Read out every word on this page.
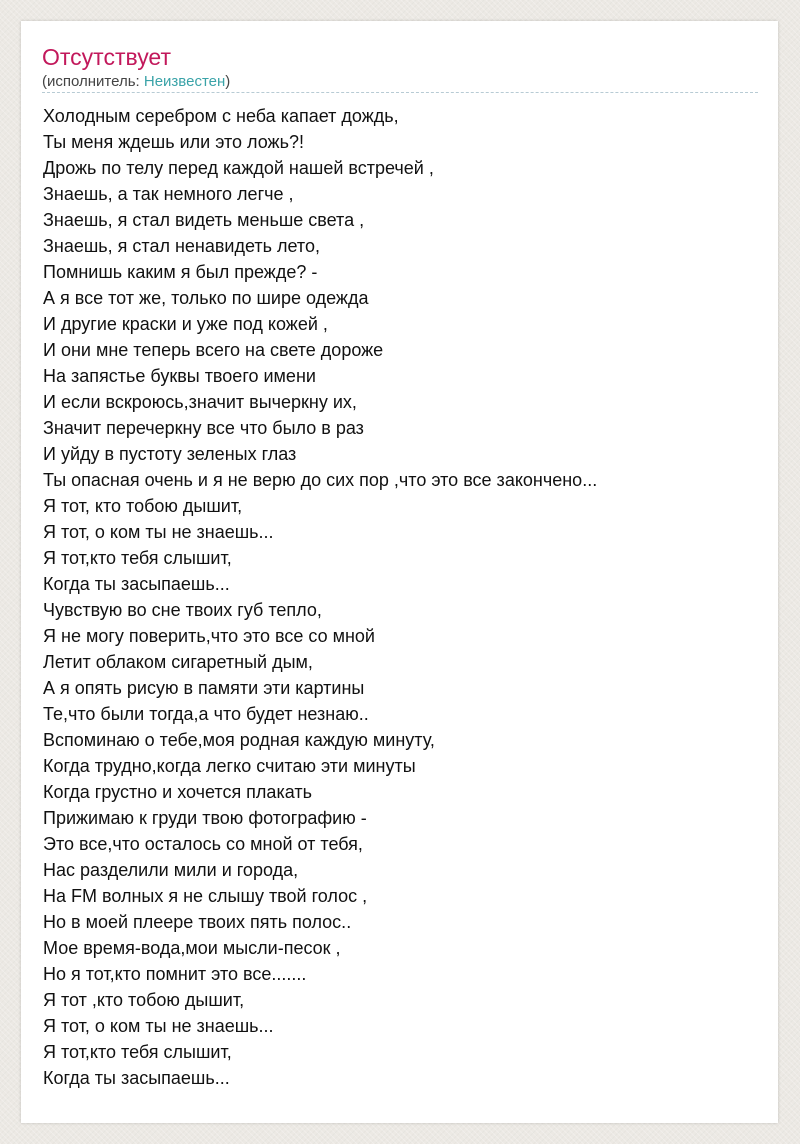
Отсутствует
(исполнитель: Неизвестен)
Холодным серебром с неба капает дождь,
Ты меня ждешь или это ложь?!
Дрожь по телу перед каждой нашей встречей ,
Знаешь, а так немного легче ,
Знаешь, я стал видеть меньше света ,
Знаешь, я стал ненавидеть лето,
Помнишь каким я был прежде? -
А я все тот же, только по шире одежда
И другие краски и уже под кожей ,
И они мне теперь всего на свете дороже
На запястье буквы твоего имени
И если вскроюсь,значит вычеркну их,
Значит перечеркну все что было в раз
И уйду в пустоту зеленых глаз
Ты опасная очень и я не верю до сих пор ,что это все закончено...
Я тот, кто тобою дышит,
Я тот, о ком ты не знаешь...
Я тот,кто тебя слышит,
Когда ты засыпаешь...
Чувствую во сне твоих губ тепло,
Я не могу поверить,что это все со мной
Летит облаком сигаретный дым,
А я опять рисую в памяти эти картины
Те,что были тогда,а что будет незнаю..
Вспоминаю о тебе,моя родная каждую минуту,
Когда трудно,когда легко считаю эти минуты
Когда грустно и хочется плакать
Прижимаю к груди твою фотографию -
Это все,что осталось со мной от тебя,
Нас разделили мили и города,
На FM волных я не слышу твой голос ,
Но в моей плеере твоих пять полос..
Мое время-вода,мои мысли-песок ,
Но я тот,кто помнит это все.......
Я тот ,кто тобою дышит,
Я тот, о ком ты не знаешь...
Я тот,кто тебя слышит,
Когда ты засыпаешь...
